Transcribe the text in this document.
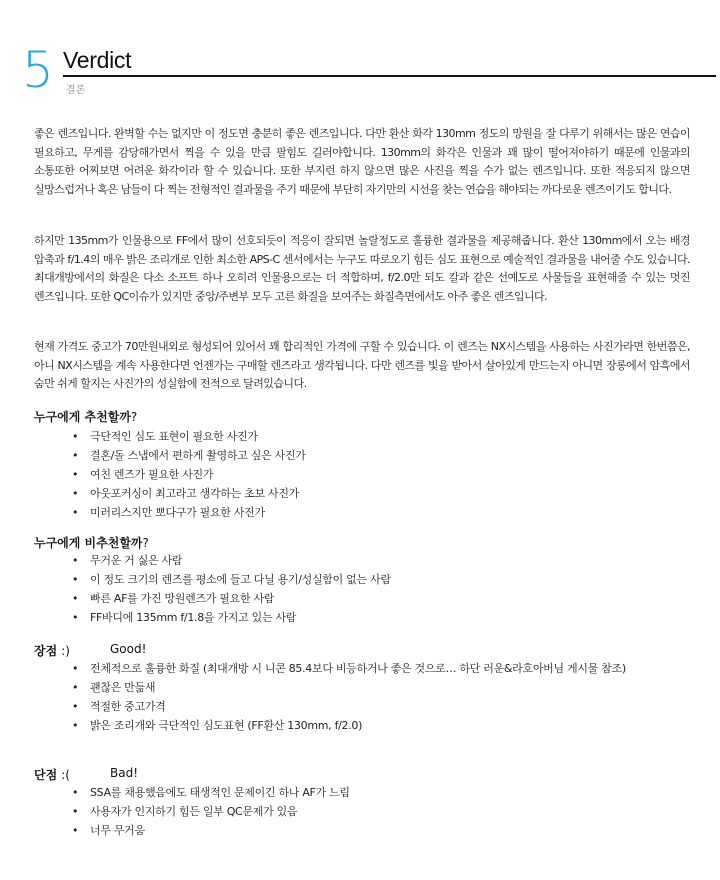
5 Verdict
결론

좋은 렌즈입니다. 완벽할 수는 없지만 이 정도면 충분히 좋은 렌즈입니다. 다만 환산 화각 130mm 정도의 망원을 잘 다루기 위해서는 많은 연습이 필요하고, 무게를 감당해가면서 찍을 수 있을 만큼 팔힘도 길러야합니다. 130mm의 화각은 인물과 꽤 많이 떨어져야하기 때문에 인물과의 소통또한 어찌보면 어려운 화각이라 할 수 있습니다. 또한 부지런 하지 않으면 많은 사진을 찍을 수가 없는 렌즈입니다. 또한 적응되지 않으면 실망스럽거나 혹은 남들이 다 찍는 전형적인 결과물을 주기 때문에 부단히 자기만의 시선을 찾는 연습을 해야되는 까다로운 렌즈이기도 합니다.

하지만 135mm가 인물용으로 FF에서 많이 선호되듯이 적응이 잘되면 놀랄정도로 훌륭한 결과물을 제공해줍니다. 환산 130mm에서 오는 배경 압축과 f/1.4의 매우 밝은 조리개로 인한 최소한 APS-C 센서에서는 누구도 따로오기 힘든 심도 표현으로 예술적인 결과물을 내어줄 수도 있습니다. 최대개방에서의 화질은 다소 소프트 하나 오히려 인물용으로는 더 적합하며, f/2.0만 되도 칼과 같은 선예도로 사물들을 표현해줄 수 있는 멋진 렌즈입니다. 또한 QC이슈가 있지만 중앙/주변부 모두 고른 화질을 보여주는 화질측면에서도 아주 좋은 렌즈입니다.

현재 가격도 중고가 70만원내외로 형성되어 있어서 꽤 합리적인 가격에 구할 수 있습니다. 이 렌즈는 NX시스템을 사용하는 사진가라면 한번쯤은, 아니 NX시스템을 계속 사용한다면 언젠가는 구매할 렌즈라고 생각됩니다. 다만 렌즈를 빛을 받아서 살아있게 만드는지 아니면 장롱에서 암흑에서 숨만 쉬게 할지는 사진가의 성실함에 전적으로 달려있습니다.

누구에게 추천할까?
• 극단적인 심도 표현이 필요한 사진가
• 결혼/돌 스냅에서 편하게 촬영하고 싶은 사진가
• 여친 렌즈가 필요한 사진가
• 아웃포커싱이 최고라고 생각하는 초보 사진가
• 미러리스지만 뽀다구가 필요한 사진가
누구에게 비추천할까?
• 무거운 거 싫은 사람
• 이 정도 크기의 렌즈를 평소에 들고 다닐 용기/성실함이 없는 사람
• 빠른 AF를 가진 망원렌즈가 필요한 사람
• FF바디에 135mm f/1.8을 가지고 있는 사람
장점 :)	Good!
• 전체적으로 훌륭한 화질 (최대개방 시 니콘 85.4보다 비등하거나 좋은 것으로… 하단 러운&라호아버님 게시물 참조)
• 괜찮은 만듦새
• 적절한 중고가격
• 밝은 조리개와 극단적인 심도표현 (FF환산 130mm, f/2.0)
단점 :(	Bad!
• SSA를 채용했음에도 태생적인 문제이긴 하나 AF가 느림
• 사용자가 인지하기 힘든 일부 QC문제가 있음
• 너무 무거움
